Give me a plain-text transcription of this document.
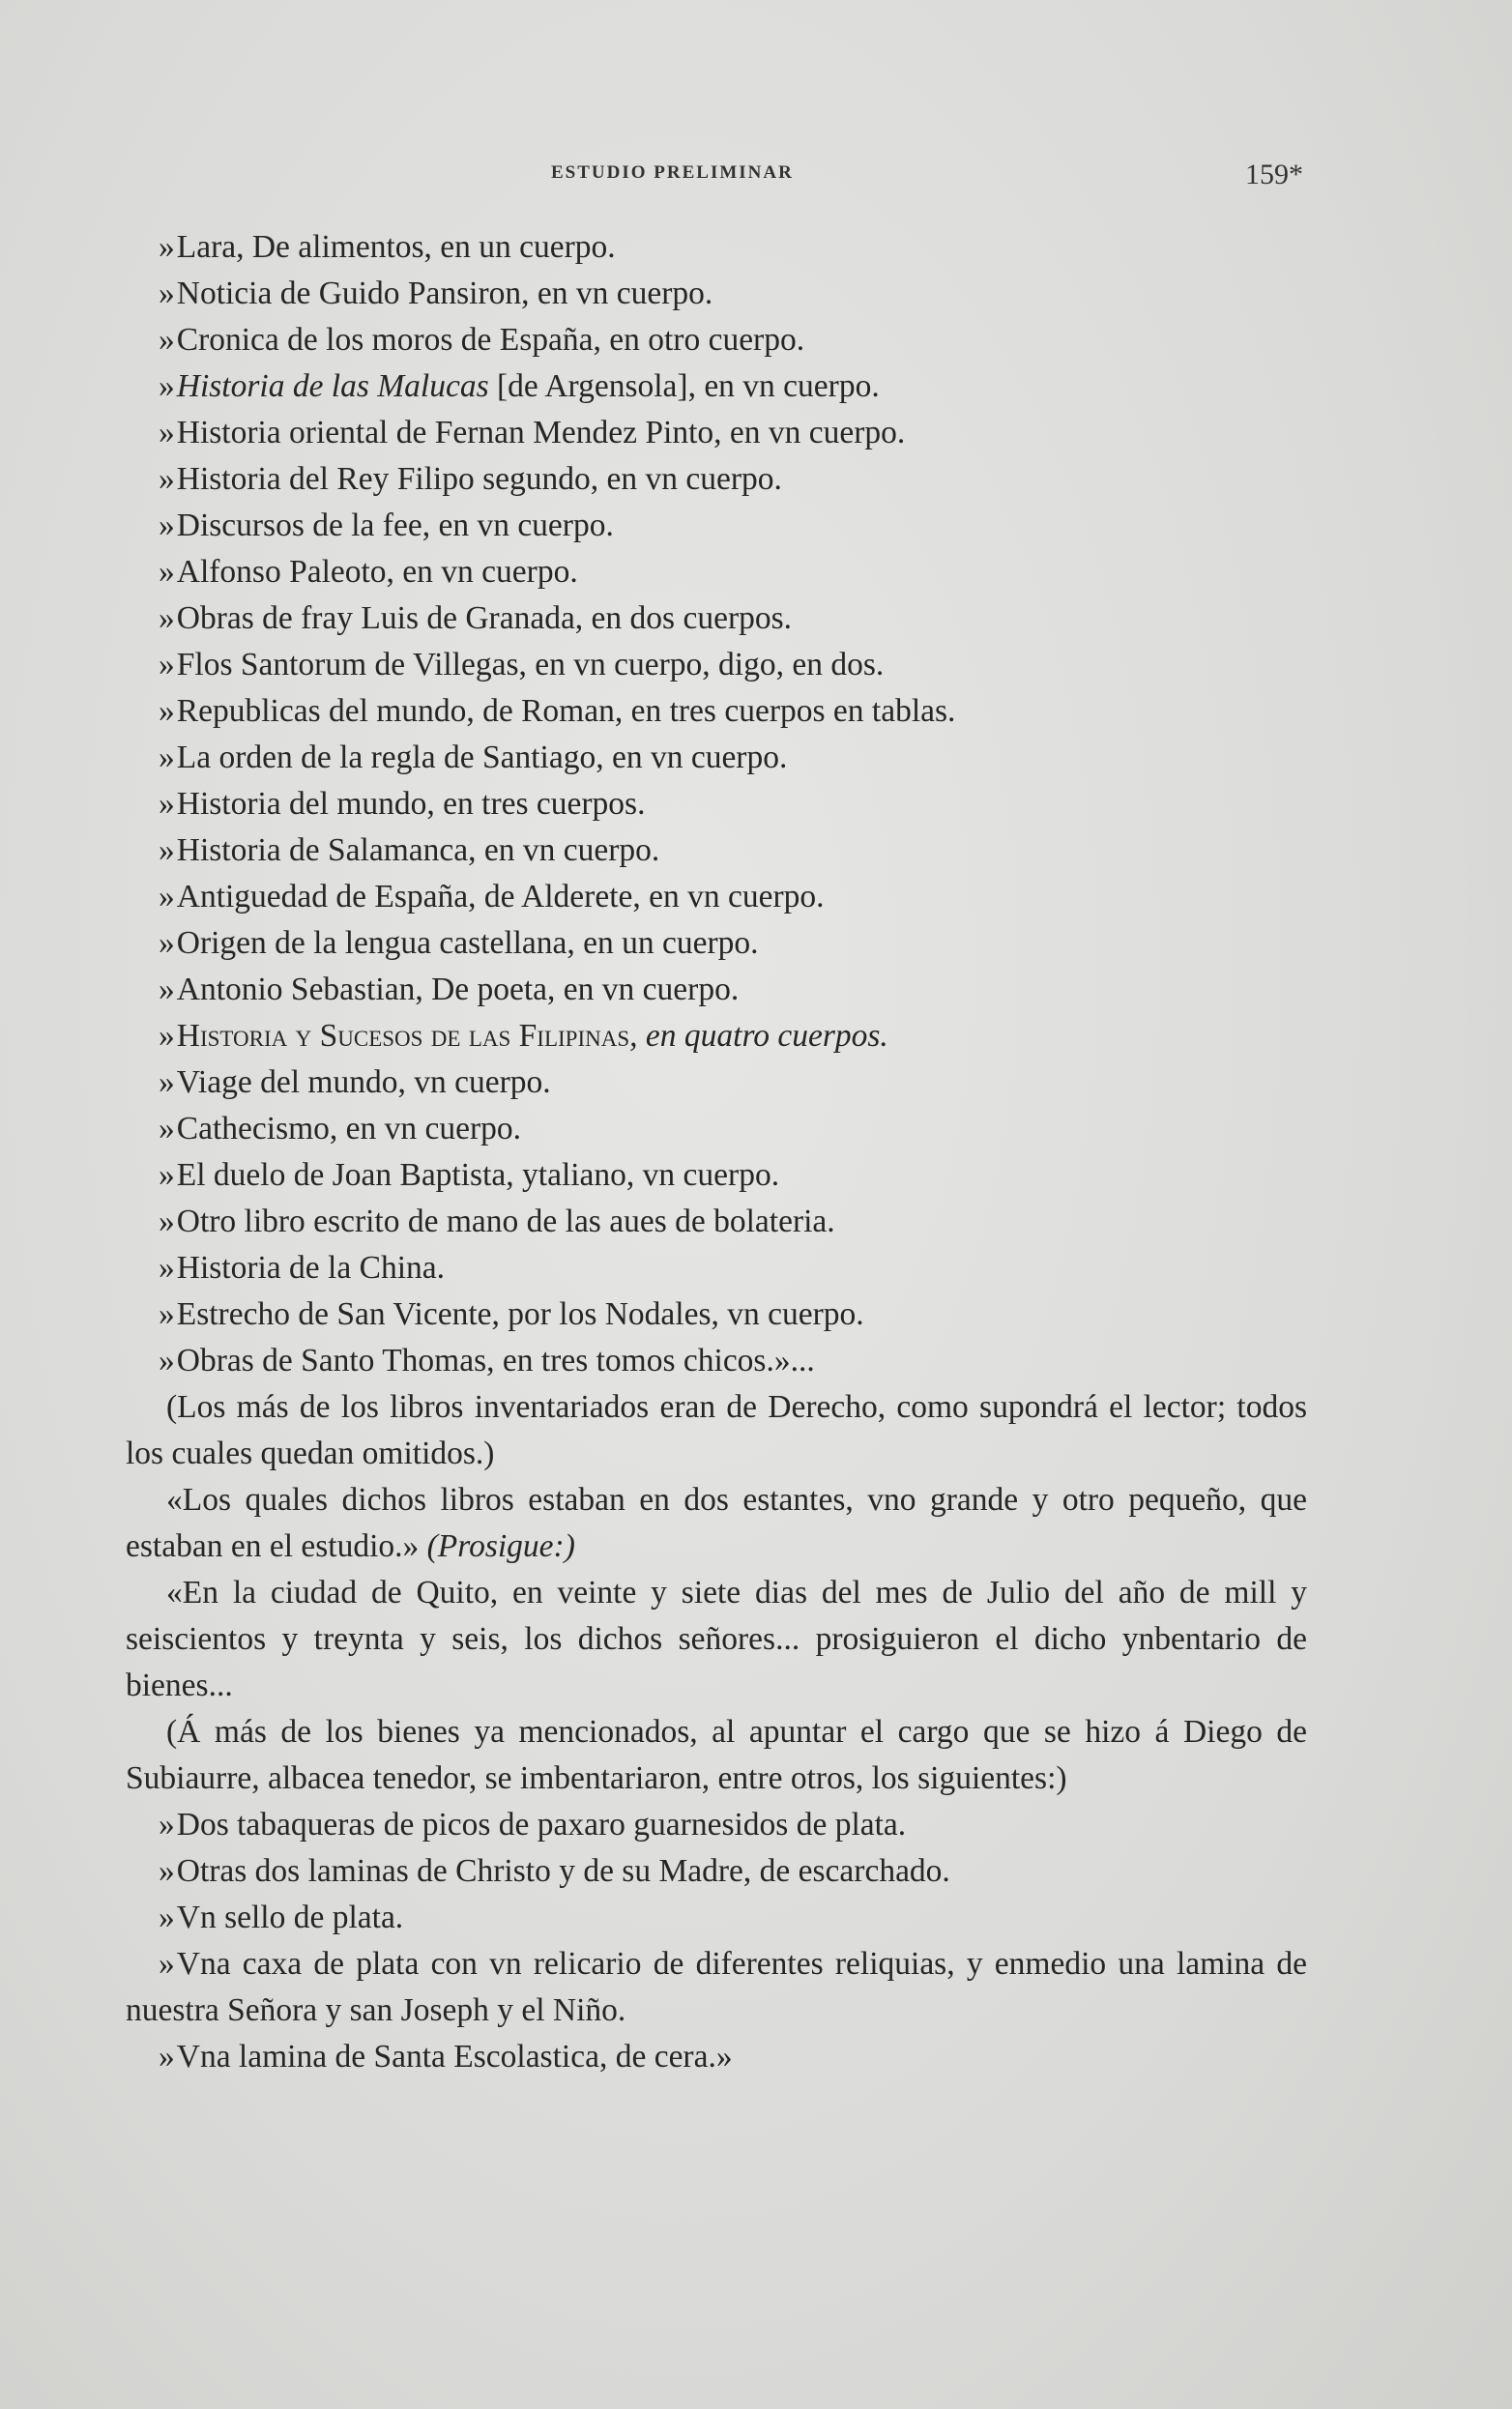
ESTUDIO PRELIMINAR	159*
»Lara, De alimentos, en un cuerpo.
»Noticia de Guido Pansiron, en vn cuerpo.
»Cronica de los moros de España, en otro cuerpo.
»Historia de las Malucas [de Argensola], en vn cuerpo.
»Historia oriental de Fernan Mendez Pinto, en vn cuerpo.
»Historia del Rey Filipo segundo, en vn cuerpo.
»Discursos de la fee, en vn cuerpo.
»Alfonso Paleoto, en vn cuerpo.
»Obras de fray Luis de Granada, en dos cuerpos.
»Flos Santorum de Villegas, en vn cuerpo, digo, en dos.
»Republicas del mundo, de Roman, en tres cuerpos en tablas.
»La orden de la regla de Santiago, en vn cuerpo.
»Historia del mundo, en tres cuerpos.
»Historia de Salamanca, en vn cuerpo.
»Antiguedad de España, de Alderete, en vn cuerpo.
»Origen de la lengua castellana, en un cuerpo.
»Antonio Sebastian, De poeta, en vn cuerpo.
»Historia y Sucesos de las Filipinas, en quatro cuerpos.
»Viage del mundo, vn cuerpo.
»Cathecismo, en vn cuerpo.
»El duelo de Joan Baptista, ytaliano, vn cuerpo.
»Otro libro escrito de mano de las aues de bolateria.
»Historia de la China.
»Estrecho de San Vicente, por los Nodales, vn cuerpo.
»Obras de Santo Thomas, en tres tomos chicos.»...

(Los más de los libros inventariados eran de Derecho, como supondrá el lector; todos los cuales quedan omitidos.)

«Los quales dichos libros estaban en dos estantes, vno grande y otro pequeño, que estaban en el estudio.» (Prosigue:)

«En la ciudad de Quito, en veinte y siete dias del mes de Julio del año de mill y seiscientos y treynta y seis, los dichos señores... prosiguieron el dicho ynbentario de bienes...

(Á más de los bienes ya mencionados, al apuntar el cargo que se hizo á Diego de Subiaurre, albacea tenedor, se imbentariaron, entre otros, los siguientes:)

»Dos tabaqueras de picos de paxaro guarnesidos de plata.
»Otras dos laminas de Christo y de su Madre, de escarchado.
»Vn sello de plata.
»Vna caxa de plata con vn relicario de diferentes reliquias, y enmedio una lamina de nuestra Señora y san Joseph y el Niño.
»Vna lamina de Santa Escolastica, de cera.»
